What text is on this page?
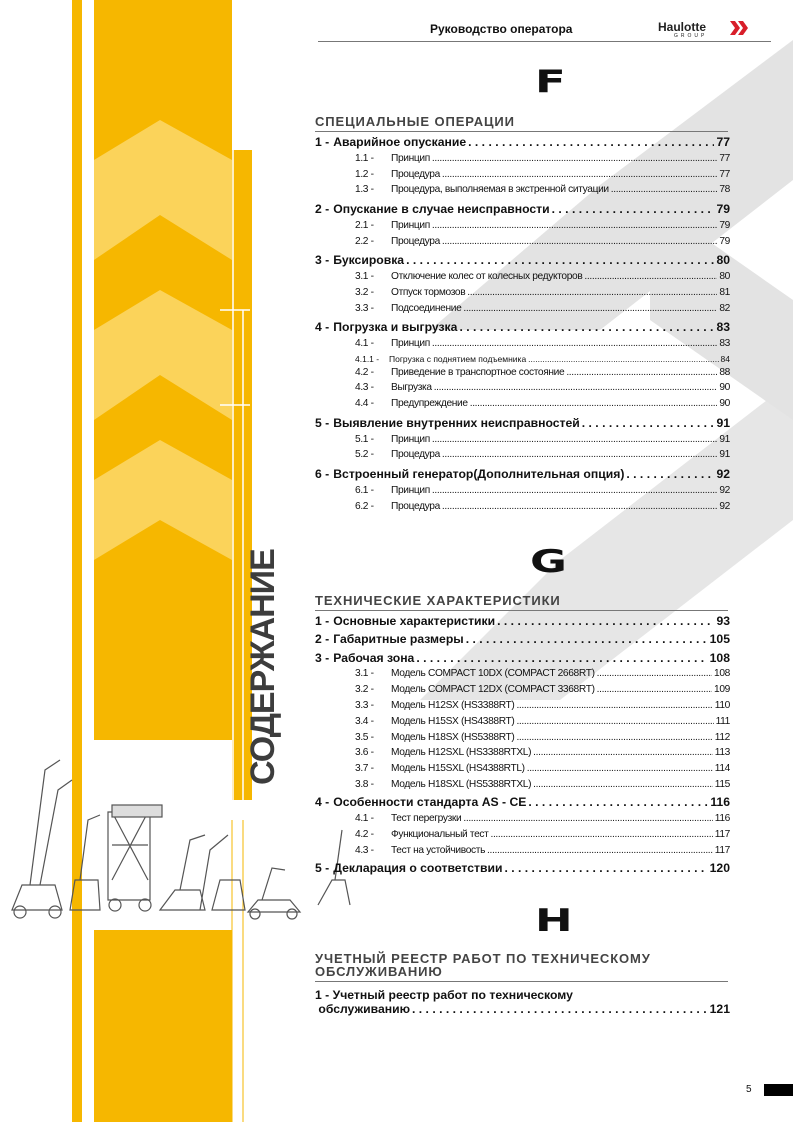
Руководство оператора	Haulotte
GROUP
СОДЕРЖАНИЕ
F
СПЕЦИАЛЬНЫЕ ОПЕРАЦИИ
1 - Аварийное опускание . . .	77
1.1 -	Принцип .....	77
1.2 -	Процедура .....	77
1.3 -	Процедура, выполняемая в экстренной ситуации .....	78
2 - Опускание в случае неисправности . . .	79
2.1 -	Принцип .....	79
2.2 -	Процедура .....	79
3 - Буксировка . . .	80
3.1 -	Отключение колес от колесных редукторов .....	80
3.2 -	Отпуск тормозов .....	81
3.3 -	Подсоединение .....	82
4 - Погрузка и выгрузка . . .	83
4.1 -	Принцип .....	83
4.1.1 -	Погрузка с поднятием подъемника .....	84
4.2 -	Приведение в транспортное состояние .....	88
4.3 -	Выгрузка .....	90
4.4 -	Предупреждение .....	90
5 - Выявление внутренних неисправностей . . .	91
5.1 -	Принцип .....	91
5.2 -	Процедура .....	91
6 - Встроенный генератор(Дополнительная опция) . . .	92
6.1 -	Принцип .....	92
6.2 -	Процедура .....	92
G
ТЕХНИЧЕСКИЕ ХАРАКТЕРИСТИКИ
1 - Основные характеристики . . .	93
2 - Габаритные размеры . . .	105
3 - Рабочая зона . . .	108
3.1 -	Модель COMPACT 10DX (COMPACT 2668RT) .....	108
3.2 -	Модель COMPACT 12DX (COMPACT 3368RT) .....	109
3.3 -	Модель H12SX (HS3388RT) .....	110
3.4 -	Модель H15SX (HS4388RT) .....	111
3.5 -	Модель H18SX (HS5388RT) .....	112
3.6 -	Модель H12SXL (HS3388RTXL) .....	113
3.7 -	Модель H15SXL (HS4388RTL) .....	114
3.8 -	Модель H18SXL (HS5388RTXL) .....	115
4 - Особенности стандарта AS - CE . . .	116
4.1 -	Тест перегрузки .....	116
4.2 -	Функциональный тест .....	117
4.3 -	Тест на устойчивость .....	117
5 - Декларация о соответствии . . .	120
H
УЧЕТНЫЙ РЕЕСТР РАБОТ ПО ТЕХНИЧЕСКОМУ
ОБСЛУЖИВАНИЮ
1 - Учетный реестр работ по техническому
обслуживанию . . .	121
5
